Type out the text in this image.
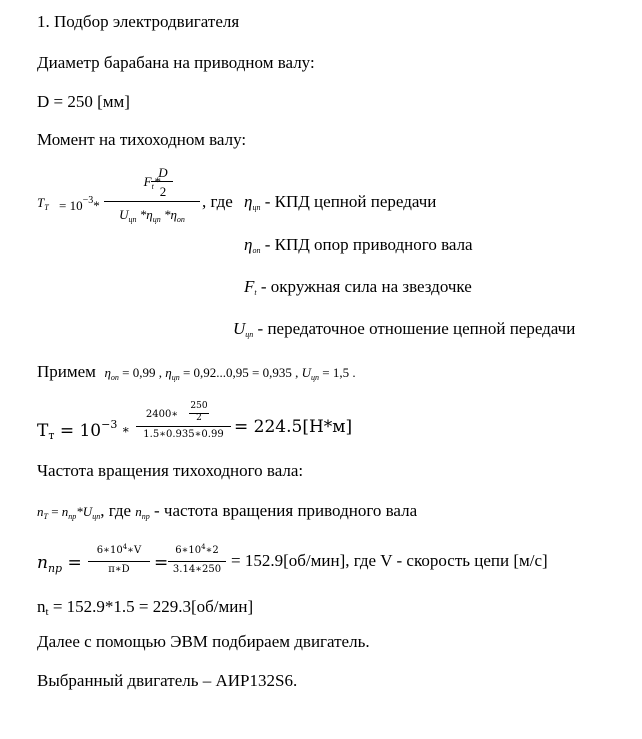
1. Подбор электродвигателя
Диаметр барабана на приводном валу:
D = 250 [мм]
Момент на тихоходном валу:
$T_T = 10^{-3}*$
$F_t*$
D
2
$U_{цп}$ $*\eta_{цп}$ $*\eta_{оп}$
, где $\eta_{цп}$ - КПД цепной передачи
$\eta_{оп}$ - КПД опор приводного вала
$F_t$ - окружная сила на звездочке
$U_{цп}$ - передаточное отношение цепной передачи
Примем $\eta_{оп} = 0,99$ , $\eta_{цп} = 0,92...0,95 = 0,935$ , $U_{цп} = 1,5$ .
Tт = $10^{-3}$ *
2400∗
250
2
1.5∗0.935∗0.99 = 224.5[Н*м]
Частота вращения тихоходного вала:
$n_T = n_{пр}*U_{цп}$, где $n_{пр}$ - частота вращения приводного вала
$n_{пр}$ =
$6∗10^4∗V$
π∗D	=
$6∗10^4∗2$
3.14∗250 = 152.9[об/мин], где V - скорость цепи [м/с]
nt = 152.9*1.5 = 229.3[об/мин]
Далее с помощью ЭВМ подбираем двигатель.
Выбранный двигатель – АИР132S6.
